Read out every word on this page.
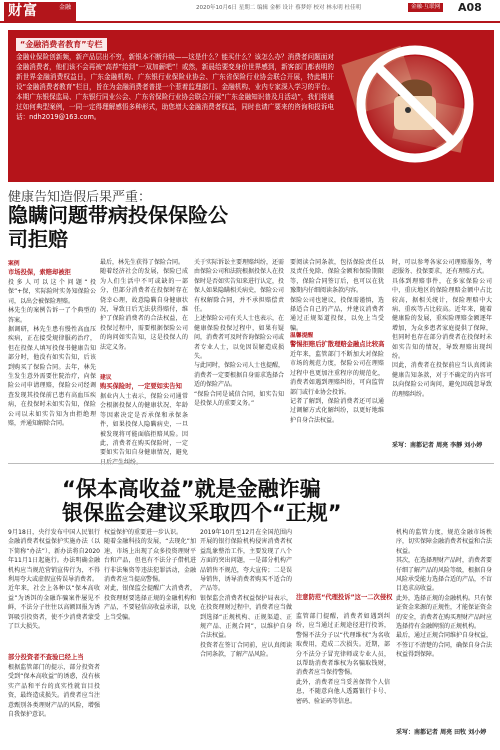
财富	金融	2020年10月6日 星期二 编辑 金彬 设计 蔡梦婷 校对 林永明 杜佳明	金融·互联网 A08
“金融消费者教育”专栏
金融业保险创新频，新产品层出不穷，新银本不断升级——这是什么？能买什么？该怎么办？消费者问题面对金融消费者，他们该不会再被“高荐”给到“一双加薪吧”！或然，新晨给要变身价世界感到，新客部门都表明的新世界金融消费权益日，广东金融机构、广东银行业保险业协会、广东省保险行业协会联合开展，特此期开设“金融消费者教育”栏目，旨在为金融消费者普提一个惹着监理部门、金融机构、业内专家深入学习的平台。本期广东银保监局、广东银行同业公会、广东省保险行业协会联合开展“广东金融知识普及月活动”，我们将通过如何典型案例，一同一定得理解感悟多种形式，助您增大金融消费者权益，同时也请广要来的咨询和投诉电话：ndh2019@163.com。
健康告知造假后果严重：
隐瞒问题带病投保保险公司拒赔
案例
市场投保，索赔却被拒
投多人可以这个问题“投保”+保，实际险时实务知保险公司，以出会被保险理赔。
林先生的案例告诉一了个典型的答案。
据调研，林先生患有慢性高血压疾病，正在接受规律服药治疗，但在投保人填写投保书健康告知部分时，他没有如实告知，后该到购买了保险合同。去年，林先生发生意外需要住院治疗，向保险公司申请理赔，保险公司经调查发现其投保前已患有高血压疾病，在投保时未如实告知，保险公司以未如实告知为由拒绝理赔，并通知解除合同。
最后，林先生获得了保险合同。
随着经济社会的发展，保险已成为人们生活中不可或缺的一部分，但部分消费者在投保时存在侥幸心理，故意隐瞒自身健康状况，导致日后无法获得赔付，维护了保险消费者的合法权益，在投保过程中，需要根据保险公司的询问如实告知，这是投保人的法定义务。
建议
购买保险时，一定要如实告知
据业内人士表示，保险公司通常会根据投保人的健康状况、年龄等因素决定是否承保和承保条件，如果投保人隐瞒病史，一旦被发现将可能面临拒赔风险。因此，消费者在购买保险时，一定要如实告知自身健康情况，避免
关于实际诉讼主要理赔纠纷，还需由保险公司和法院根据投保人在投保时是否如实告知来进行认定，投保人如果隐瞒相关病史，保险公司有权解除合同，并不承担赔偿责任。
上述保险公司有关人士也表示，在健康保险投保过程中，如果有疑问，消费者可及时咨询保险公司或者专业人士，以免因误解造成损失。
与此同时，保险公司人士也提醒，消费者一定要根据自身需求选择合适的保险产品。
“保险合同是诚信合同，如实告知是投保人的重要义务。”
要阅读合同条款，包括保险责任以及责任免除、保险金额和保险期限等，保险合同签订后，也可以在犹豫期内仔细阅读条款内容。
保险公司也建议，投保需谨慎，选择适合自己的产品，并建议消费者通过正规渠道投保，以免上当受骗。
温馨提醒
警惕拒赔后扩散理赔金融点比较高
近年来，监管部门不断加大对保险市场的规范力度，保险公司在理赔过程中也更加注重程序的规范化，消费者如遇到理赔纠纷，可向监管部门或行业协会投诉。
记者了解到，保险消费者还可以通过调解方式化解纠纷，以更好地维护自身合法权益。
时，可以参考各家公司理赔服务，考虑服务、投保要求，还有理赔方式。
具体到理赔事件，在多家保险公司中，重庆地区的保险理赔金额中占比较高，据相关统计，保险理赔中大病、重疾等占比较高。近年来，随着健康险的发展，重疾险理赔金额逐年增加，为众多患者家庭提供了保障，但同时也存在部分消费者在投保时未如实告知的情况，导致理赔出现纠纷。
因此，消费者在投保前应当认真阅读健康告知条款，对于不确定的内容可以向保险公司询问，避免因疏忽导致的理赔纠纷。
采写：南都记者 周亮 李靜 刘小婷
“保本高收益”就是金融诈骗
银保监会建议采取四个“正规”
9月18日，央行发布中国人民银行金融消费者权益保护实施办法（以下简称“办法”），新办法将自2020年11月1日起施行。办法明确金融机构应当规范营销宣传行为，不得利用夸大或虚假宣传误导消费者。
近年来，社会上各种以“保本高收益”为诱饵的金融诈骗案件屡见不鲜，不法分子往往以高额回报为诱饵吸引投资者，使不少消费者蒙受了巨大损失。
部分投资者不查验已经上当
根据监管部门的提示，部分投资者受到“保本高收益”的诱惑，没有核实产品和平台的真实性就盲目投资，最终造成损失。消费者应当注意甄别各类理财产品的风险，增强自我保护意识。
权益保护的重要进一步认识。
随着金融科技的发展，“去现化”加速，市场上出现了众多投资理财平台和产品，但也有不法分子借机进行非法集资等违法犯罪活动，金融消费者应当提高警惕。
对此，银保监会提醒广大消费者，投资理财要选择正规的金融机构和产品，不要轻信高收益承诺，以免上当受骗。
2019年10月至12月在全国范围内开展的银行保险机构侵害消费者权益乱象整治工作，主要发现了八个方面的突出问题，一是部分机构产品销售不规范，夸大宣传；二是误导销售，诱导消费者购买不适合的产品等。
银保监会消费者权益保护局表示，在投资理财过程中，消费者应当做到选择“正规机构、正规渠道、正规产品、正规合同”，以维护自身合法权益。
投资者在签订合同前，应认真阅读合同条款，了解产品风险。
注意防范“代理投诉”这一二次侵权
监管部门提醒，消费者如遇到纠纷，应当通过正规途径进行投诉，警惕不法分子以“代理维权”为名收取费用，造成二次损失。近期，部分不法分子冒充律师或专业人员，以帮助消费者维权为名骗取钱财，消费者应当保持警惕。
此外，消费者应当妥善保管个人信息，不随意向他人透露银行卡号、密码、验证码等信息。
机构的监管力度，规范金融市场秩序，切实保障金融消费者权益和合法权益。
其次，在选择理财产品时，消费者要仔细了解产品的风险等级，根据自身风险承受能力选择合适的产品，不盲目追求高收益。
此外，选择正规的金融机构。只有保证资金来源的正规性，才能保证资金的安全，消费者在购买理财产品时应选择持有金融牌照的正规机构。
最后，通过正规合同维护自身权益，不签订不清楚的合同，确保自身合法权益得到保障。
采写：南都记者 周亮 田牧 刘小婷
